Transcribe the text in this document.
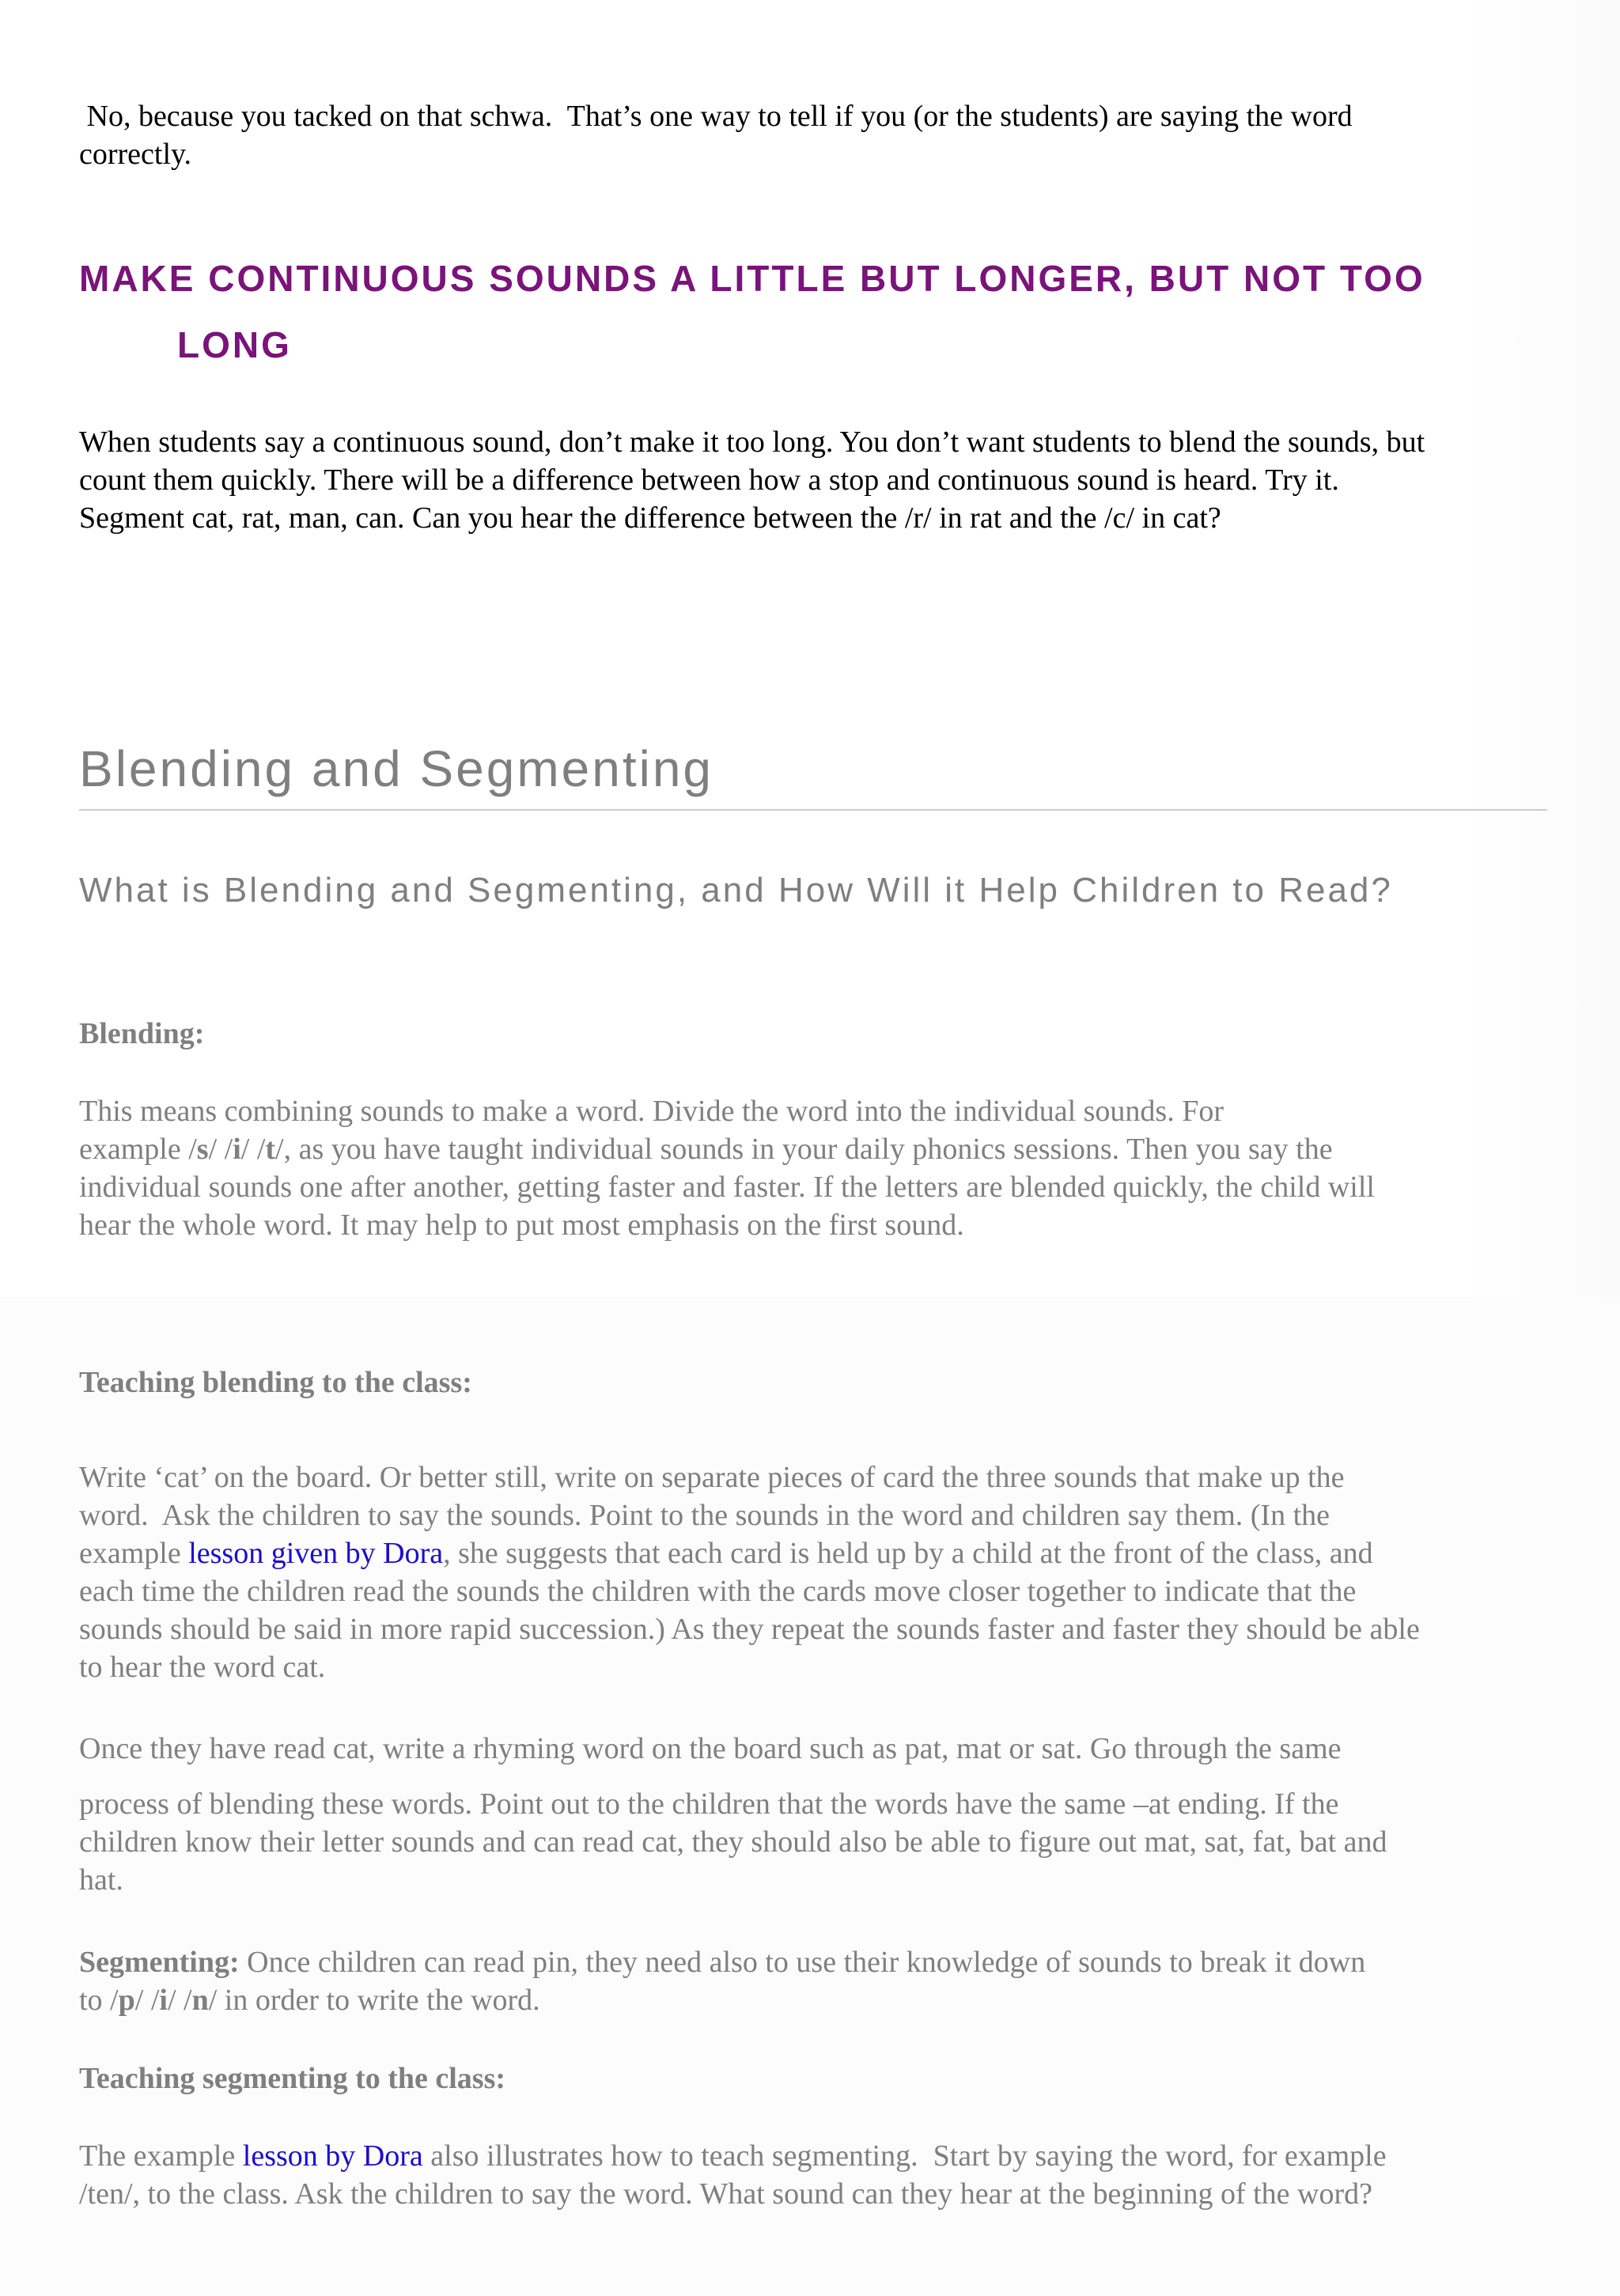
No, because you tacked on that schwa.  That’s one way to tell if you (or the students) are saying the word

correctly.

MAKE CONTINUOUS SOUNDS A LITTLE BUT LONGER, BUT NOT TOO
LONG

When students say a continuous sound, don’t make it too long. You don’t want students to blend the sounds, but

count them quickly. There will be a difference between how a stop and continuous sound is heard. Try it.

Segment cat, rat, man, can. Can you hear the difference between the /r/ in rat and the /c/ in cat?

Blending and Segmenting
What is Blending and Segmenting, and How Will it Help Children to Read?

Blending:

This means combining sounds to make a word. Divide the word into the individual sounds. For

example /s/ /i/ /t/, as you have taught individual sounds in your daily phonics sessions. Then you say the

individual sounds one after another, getting faster and faster. If the letters are blended quickly, the child will

hear the whole word. It may help to put most emphasis on the first sound.

Teaching blending to the class:

Write ‘cat’ on the board. Or better still, write on separate pieces of card the three sounds that make up the

word.  Ask the children to say the sounds. Point to the sounds in the word and children say them. (In the

example lesson given by Dora, she suggests that each card is held up by a child at the front of the class, and

each time the children read the sounds the children with the cards move closer together to indicate that the

sounds should be said in more rapid succession.) As they repeat the sounds faster and faster they should be able

to hear the word cat.

Once they have read cat, write a rhyming word on the board such as pat, mat or sat. Go through the same

process of blending these words. Point out to the children that the words have the same –at ending. If the

children know their letter sounds and can read cat, they should also be able to figure out mat, sat, fat, bat and

hat.

Segmenting: Once children can read pin, they need also to use their knowledge of sounds to break it down

to /p/ /i/ /n/ in order to write the word.

Teaching segmenting to the class:

The example lesson by Dora also illustrates how to teach segmenting.  Start by saying the word, for example

/ten/, to the class. Ask the children to say the word. What sound can they hear at the beginning of the word?
